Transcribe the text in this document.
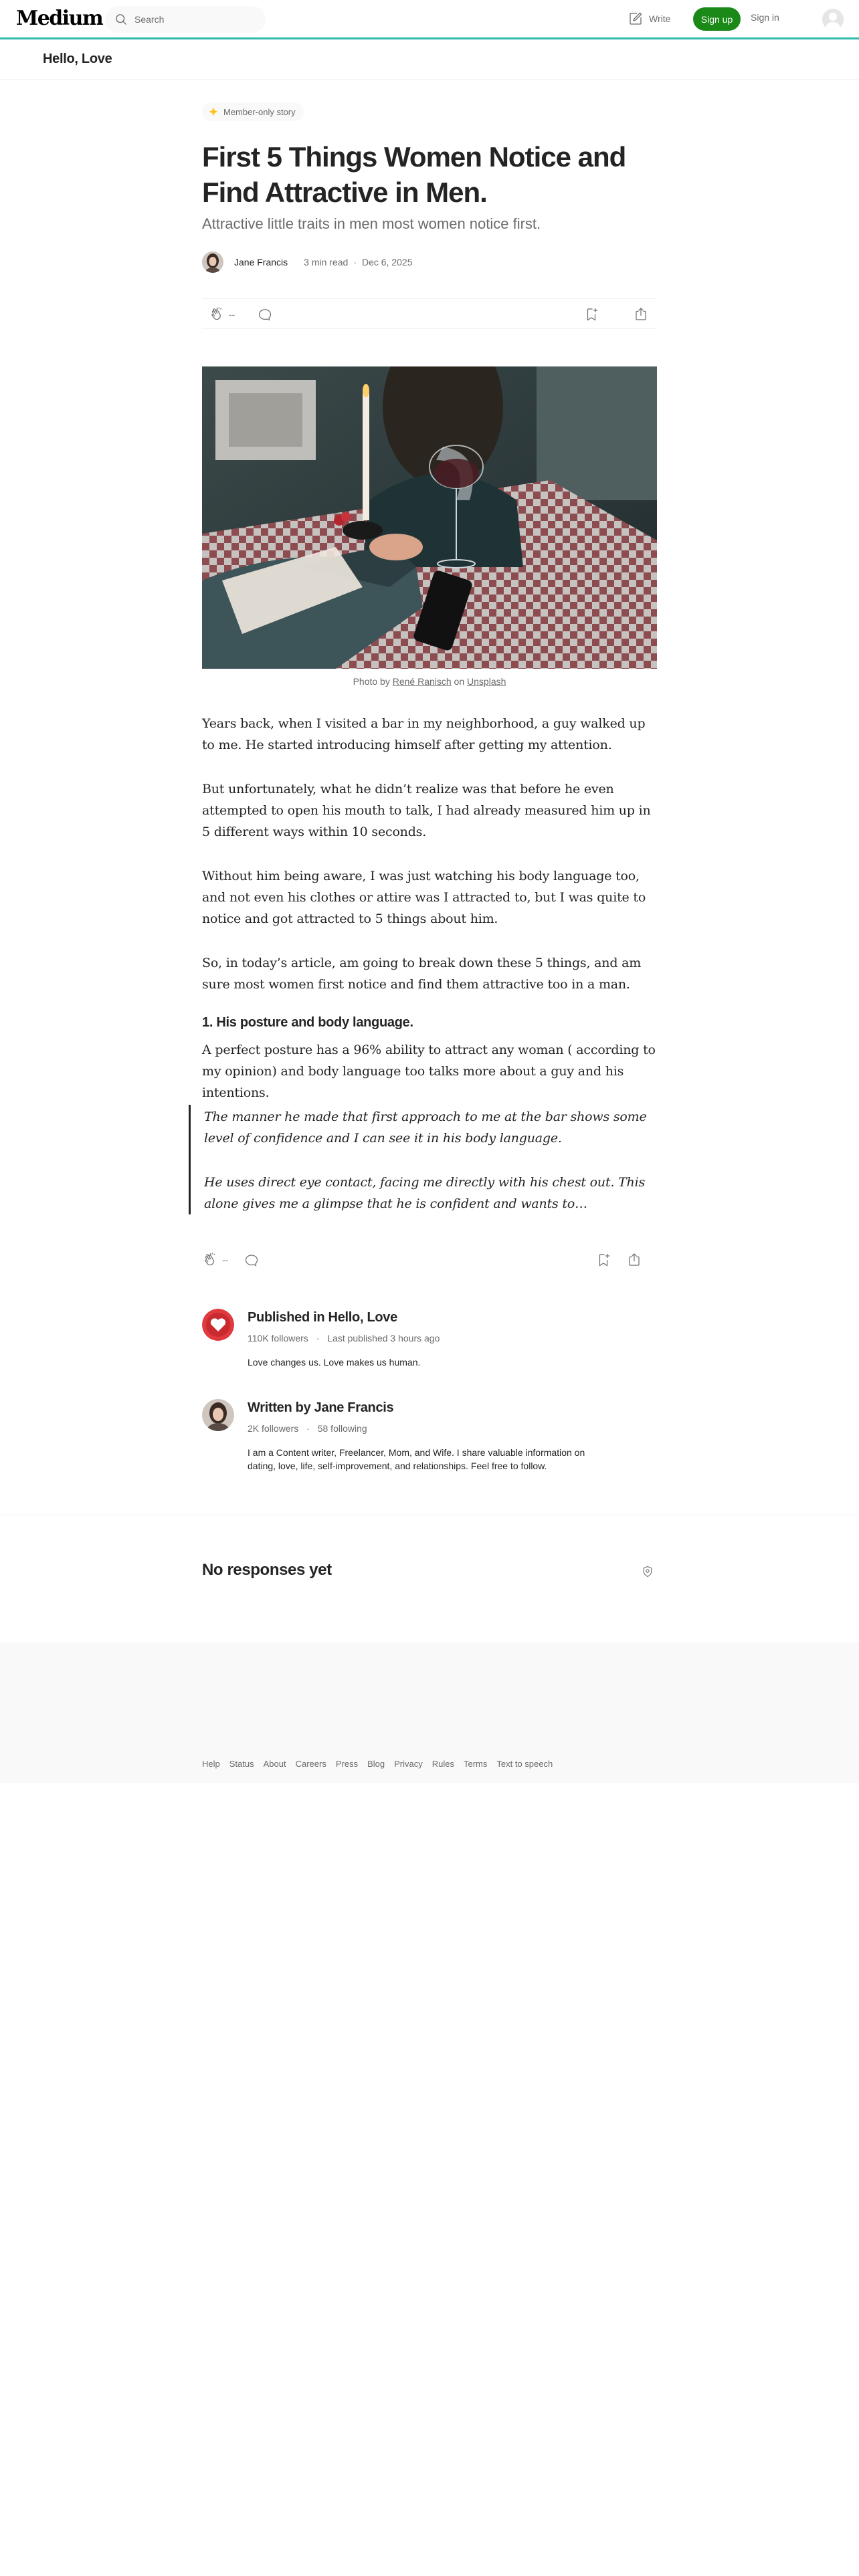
Medium
Search	Write	Sign up	Sign in
Hello, Love
Member-only story
First 5 Things Women Notice and Find Attractive in Men.
Attractive little traits in men most women notice first.
Jane Francis 3 min read · Dec 6, 2025
--
Photo by René Ranisch on Unsplash

Years back, when I visited a bar in my neighborhood, a guy walked up to me. He started introducing himself after getting my attention.

But unfortunately, what he didn’t realize was that before he even attempted to open his mouth to talk, I had already measured him up in 5 different ways within 10 seconds.

Without him being aware, I was just watching his body language too, and not even his clothes or attire was I attracted to, but I was quite to notice and got attracted to 5 things about him.

So, in today’s article, am going to break down these 5 things, and am sure most women first notice and find them attractive too in a man.

1. His posture and body language.

A perfect posture has a 96% ability to attract any woman ( according to my opinion) and body language too talks more about a guy and his intentions.

The manner he made that first approach to me at the bar shows some level of confidence and I can see it in his body language.

He uses direct eye contact, facing me directly with his chest out. This alone gives me a glimpse that he is confident and wants to…

--
Published in Hello, Love
110K followers · Last published 3 hours ago
Love changes us. Love makes us human.
Written by Jane Francis
2K followers · 58 following
I am a Content writer, Freelancer, Mom, and Wife. I share valuable information on dating, love, life, self-improvement, and relationships. Feel free to follow.
No responses yet
Help Status About Careers Press Blog Privacy Rules Terms Text to speech
